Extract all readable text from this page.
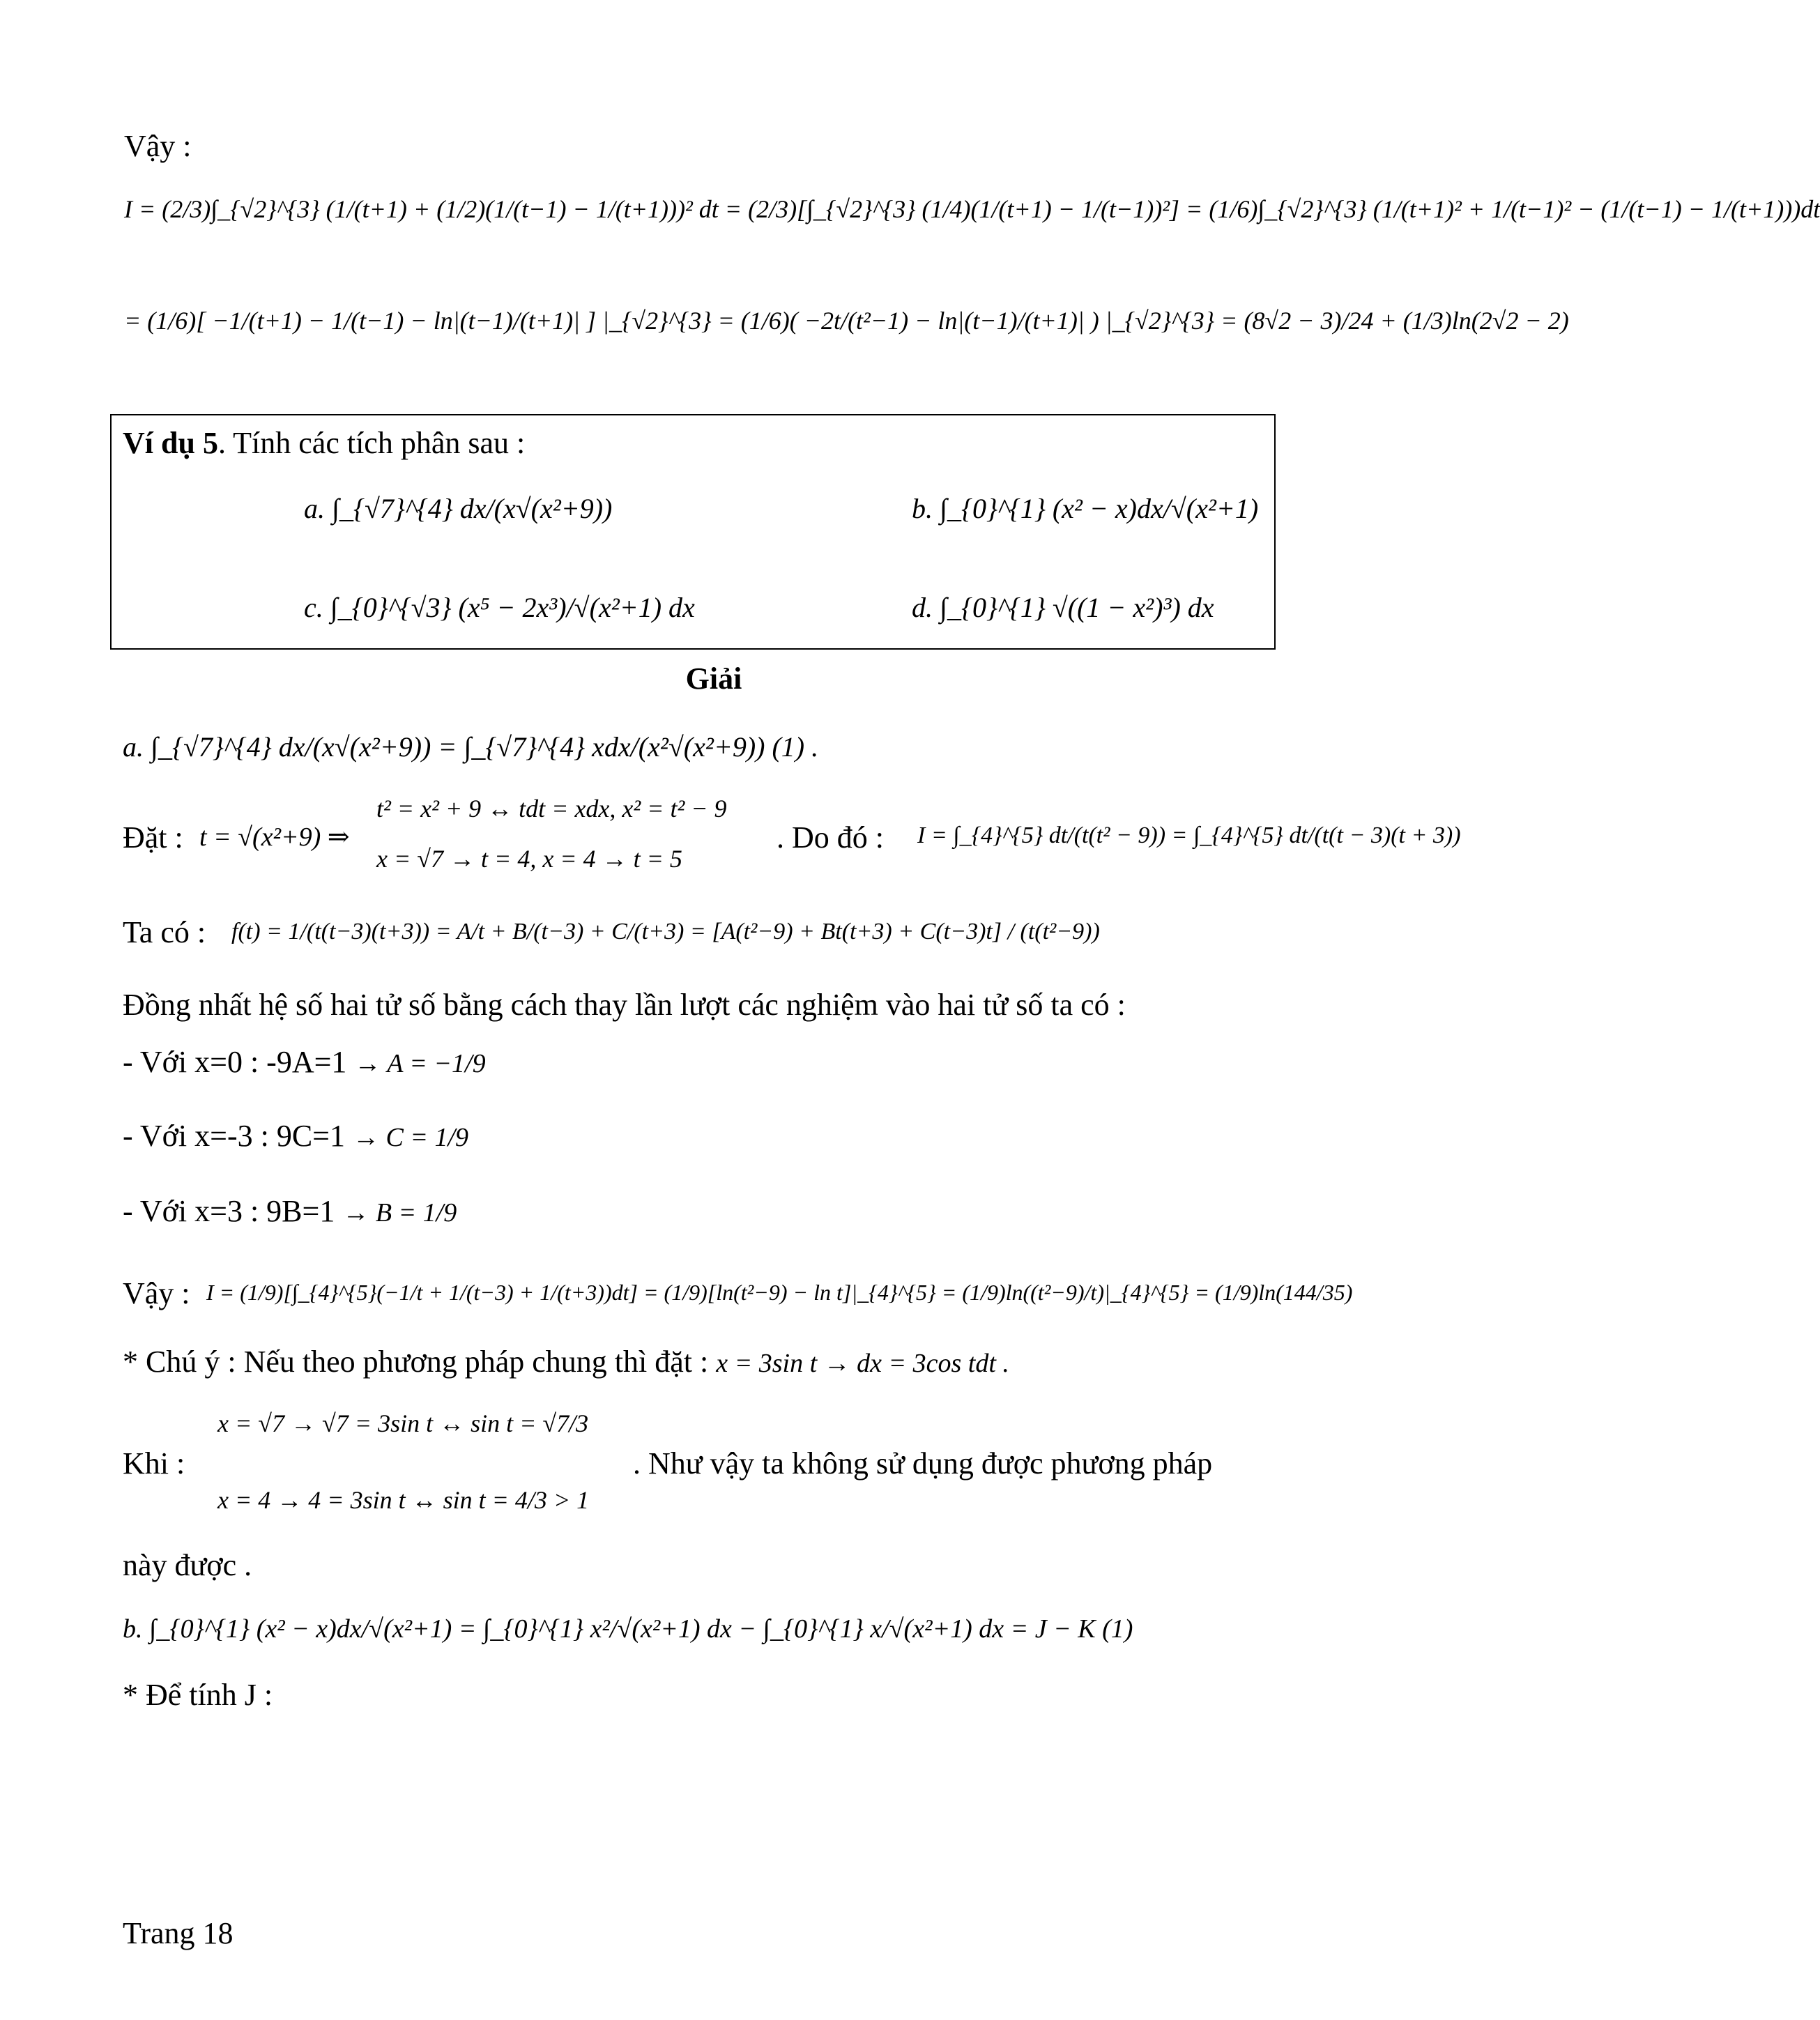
Vậy :
I = (2/3)∫_{√2}^{3} (1/(t+1) + (1/2)(1/(t−1) − 1/(t+1)))² dt = (2/3)[∫_{√2}^{3} (1/4)(1/(t+1) − 1/(t−1))²] = (1/6)∫_{√2}^{3} (1/(t+1)² + 1/(t−1)² − (1/(t−1) − 1/(t+1)))dt
= (1/6)[ −1/(t+1) − 1/(t−1) − ln|(t−1)/(t+1)| ] |_{√2}^{3} = (1/6)( −2t/(t²−1) − ln|(t−1)/(t+1)| ) |_{√2}^{3} = (8√2 − 3)/24 + (1/3)ln(2√2 − 2)
Ví dụ 5. Tính các tích phân sau :
a. ∫_{√7}^{4} dx/(x√(x²+9))	b. ∫_{0}^{1} (x² − x)dx/√(x²+1)
c. ∫_{0}^{√3} (x⁵ − 2x³)/√(x²+1) dx	d. ∫_{0}^{1} √((1 − x²)³) dx
Giải
a. ∫_{√7}^{4} dx/(x√(x²+9)) = ∫_{√7}^{4} xdx/(x²√(x²+9)) (1) .
Đặt : t = √(x²+9) ⇒
t² = x² + 9 ↔ tdt = xdx, x² = t² − 9
x = √7 → t = 4, x = 4 → t = 5
. Do đó : I = ∫_{4}^{5} dt/(t(t² − 9)) = ∫_{4}^{5} dt/(t(t − 3)(t + 3))
Ta có : f(t) = 1/(t(t−3)(t+3)) = A/t + B/(t−3) + C/(t+3) = [A(t²−9) + Bt(t+3) + C(t−3)t] / (t(t²−9))
Đồng nhất hệ số hai tử số bằng cách thay lần lượt các nghiệm vào hai tử số ta có :
- Với x=0 : -9A=1 → A = −1/9
- Với x=-3 : 9C=1 → C = 1/9
- Với x=3 : 9B=1 → B = 1/9
Vậy : I = (1/9)[∫_{4}^{5}(−1/t + 1/(t−3) + 1/(t+3))dt] = (1/9)[ln(t²−9) − ln t]|_{4}^{5} = (1/9)ln((t²−9)/t)|_{4}^{5} = (1/9)ln(144/35)
* Chú ý : Nếu theo phương pháp chung thì đặt : x = 3sin t → dx = 3cos tdt .
Khi :
x = √7 → √7 = 3sin t ↔ sin t = √7/3
x = 4 → 4 = 3sin t ↔ sin t = 4/3 > 1
. Như vậy ta không sử dụng được phương pháp
này được .
b. ∫_{0}^{1} (x² − x)dx/√(x²+1) = ∫_{0}^{1} x²/√(x²+1) dx − ∫_{0}^{1} x/√(x²+1) dx = J − K (1)
* Để tính J :
Trang 18
